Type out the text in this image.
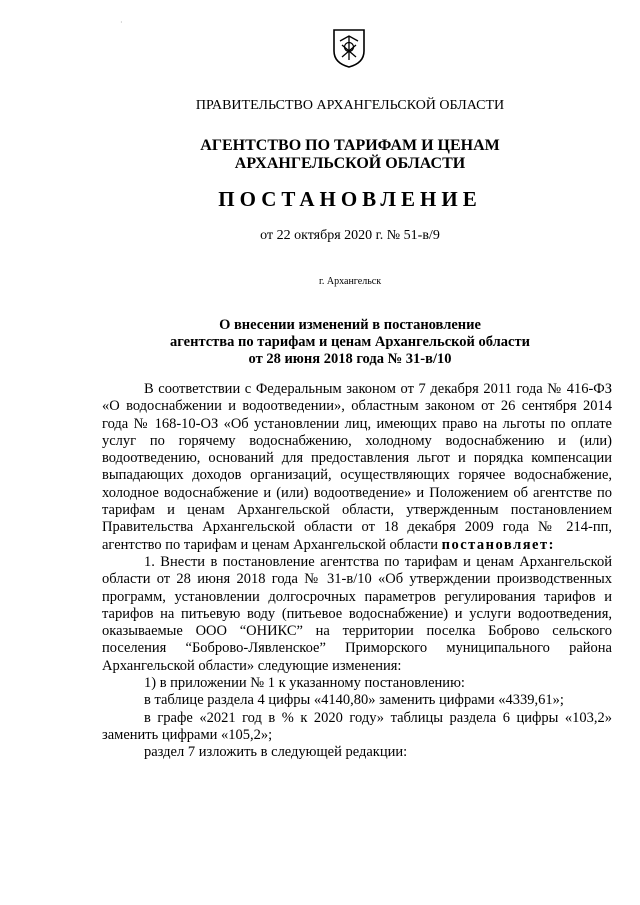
·
ПРАВИТЕЛЬСТВО АРХАНГЕЛЬСКОЙ ОБЛАСТИ
АГЕНТСТВО ПО ТАРИФАМ И ЦЕНАМ
АРХАНГЕЛЬСКОЙ ОБЛАСТИ
ПОСТАНОВЛЕНИЕ
от 22 октября 2020 г. № 51-в/9
г. Архангельск
О внесении изменений в постановление
агентства по тарифам и ценам Архангельской области
от 28 июня 2018 года № 31-в/10

В соответствии с Федеральным законом от 7 декабря 2011 года № 416-ФЗ «О водоснабжении и водоотведении», областным законом от 26 сентября 2014 года № 168-10-ОЗ «Об установлении лиц, имеющих право на льготы по оплате услуг по горячему водоснабжению, холодному водоснабжению и (или) водоотведению, оснований для предоставления льгот и порядка компенсации выпадающих доходов организаций, осуществляющих горячее водоснабжение, холодное водоснабжение и (или) водоотведение» и Положением об агентстве по тарифам и ценам Архангельской области, утвержденным постановлением Правительства Архангельской области от 18 декабря 2009 года № 214-пп, агентство по тарифам и ценам Архангельской области постановляет:

1. Внести в постановление агентства по тарифам и ценам Архангельской области от 28 июня 2018 года № 31-в/10 «Об утверждении производственных программ, установлении долгосрочных параметров регулирования тарифов и тарифов на питьевую воду (питьевое водоснабжение) и услуги водоотведения, оказываемые ООО “ОНИКС” на территории поселка Боброво сельского поселения “Боброво-Лявленское” Приморского муниципального района Архангельской области» следующие изменения:

1) в приложении № 1 к указанному постановлению:

в таблице раздела 4 цифры «4140,80» заменить цифрами «4339,61»;

в графе «2021 год в % к 2020 году» таблицы раздела 6 цифры «103,2» заменить цифрами «105,2»;

раздел 7 изложить в следующей редакции:
